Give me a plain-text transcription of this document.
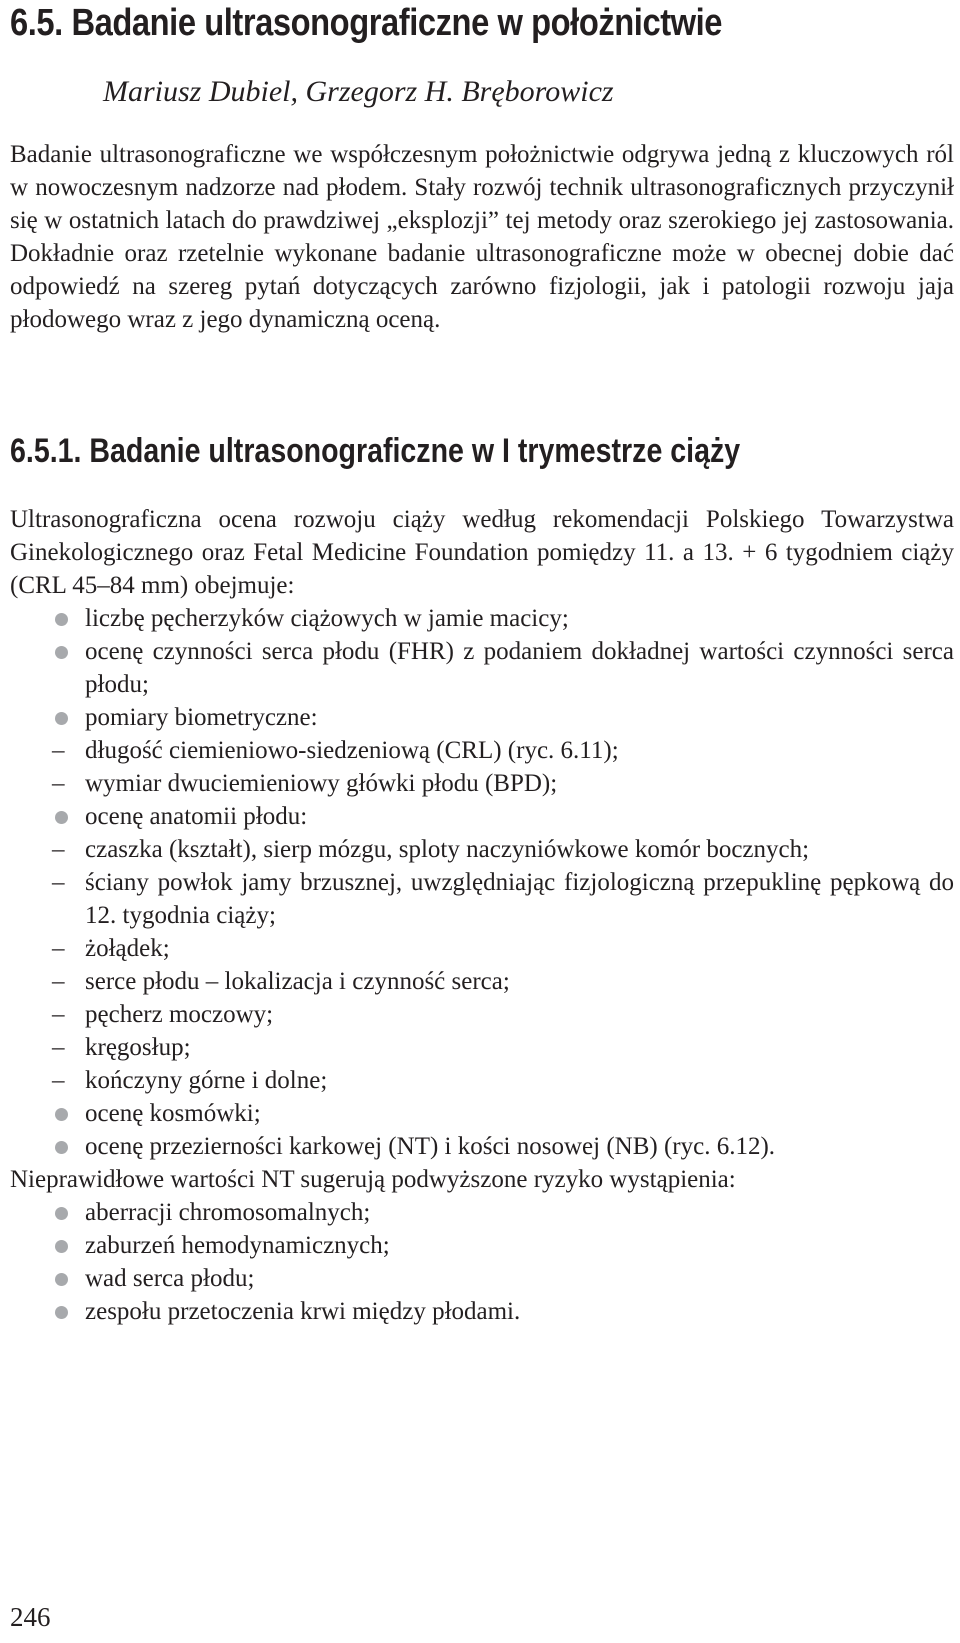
6.5. Badanie ultrasonograficzne w położnictwie
Mariusz Dubiel, Grzegorz H. Bręborowicz
Badanie ultrasonograficzne we współczesnym położnictwie odgrywa jedną z kluczowych ról w nowoczesnym nadzorze nad płodem. Stały rozwój technik ultrasonograficznych przyczynił się w ostatnich latach do prawdziwej „eksplozji” tej metody oraz szerokiego jej zastosowania. Dokładnie oraz rzetelnie wykonane badanie ultrasonograficzne może w obecnej dobie dać odpowiedź na szereg pytań dotyczących zarówno fizjologii, jak i patologii rozwoju jaja płodowego wraz z jego dynamiczną oceną.
6.5.1. Badanie ultrasonograficzne w I trymestrze ciąży
Ultrasonograficzna ocena rozwoju ciąży według rekomendacji Polskiego Towarzystwa Ginekologicznego oraz Fetal Medicine Foundation pomiędzy 11. a 13. + 6 tygodniem ciąży (CRL 45–84 mm) obejmuje:
liczbę pęcherzyków ciążowych w jamie macicy;
ocenę czynności serca płodu (FHR) z podaniem dokładnej wartości czynności serca płodu;
pomiary biometryczne:
długość ciemieniowo-siedzeniową (CRL) (ryc. 6.11);
wymiar dwuciemieniowy główki płodu (BPD);
ocenę anatomii płodu:
czaszka (kształt), sierp mózgu, sploty naczyniówkowe komór bocznych;
ściany powłok jamy brzusznej, uwzględniając fizjologiczną przepuklinę pępkową do 12. tygodnia ciąży;
żołądek;
serce płodu – lokalizacja i czynność serca;
pęcherz moczowy;
kręgosłup;
kończyny górne i dolne;
ocenę kosmówki;
ocenę przezierności karkowej (NT) i kości nosowej (NB) (ryc. 6.12).

Nieprawidłowe wartości NT sugerują podwyższone ryzyko wystąpienia:

aberracji chromosomalnych;
zaburzeń hemodynamicznych;
wad serca płodu;
zespołu przetoczenia krwi między płodami.
246
